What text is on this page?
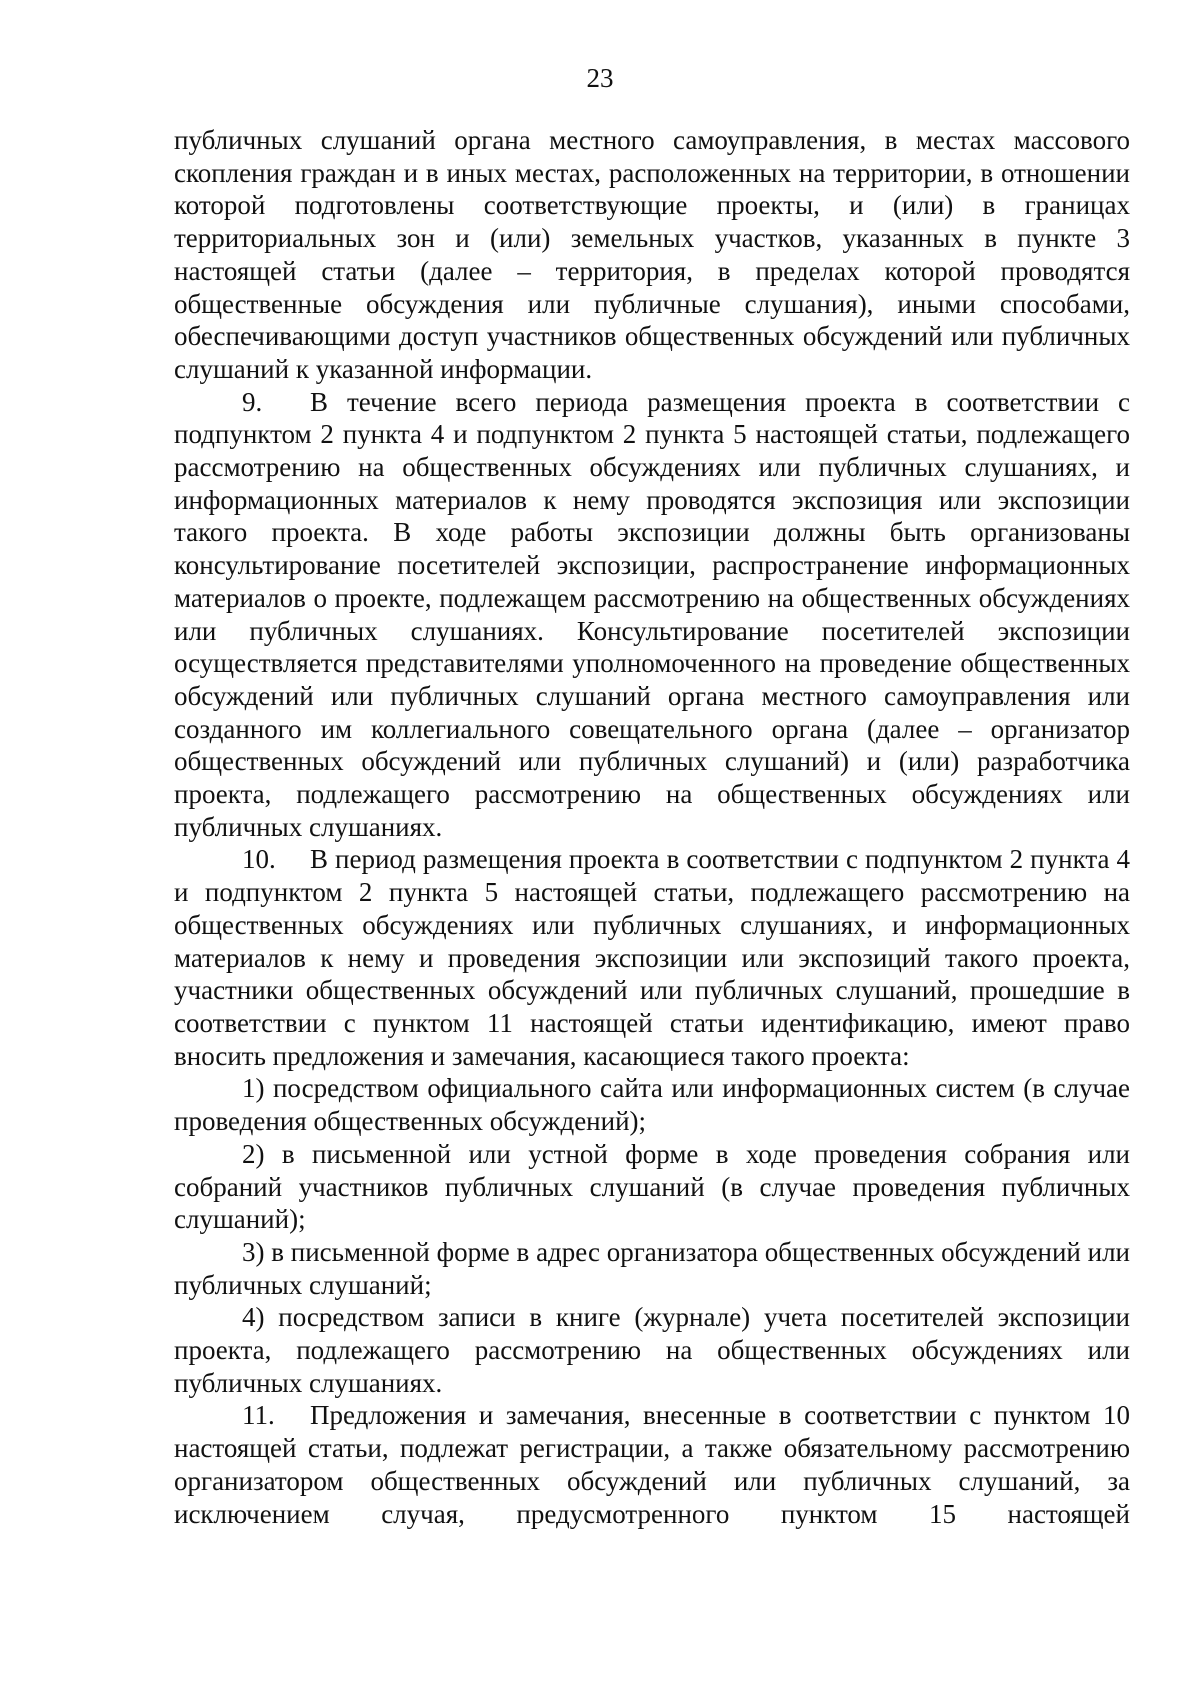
23

публичных слушаний органа местного самоуправления, в местах массового скопления граждан и в иных местах, расположенных на территории, в отношении которой подготовлены соответствующие проекты, и (или) в границах территориальных зон и (или) земельных участков, указанных в пункте 3 настоящей статьи (далее – территория, в пределах которой проводятся общественные обсуждения или публичные слушания), иными способами, обеспечивающими доступ участников общественных обсуждений или публичных слушаний к указанной информации.

9. В течение всего периода размещения проекта в соответствии с подпунктом 2 пункта 4 и подпунктом 2 пункта 5 настоящей статьи, подлежащего рассмотрению на общественных обсуждениях или публичных слушаниях, и информационных материалов к нему проводятся экспозиция или экспозиции такого проекта. В ходе работы экспозиции должны быть организованы консультирование посетителей экспозиции, распространение информационных материалов о проекте, подлежащем рассмотрению на общественных обсуждениях или публичных слушаниях. Консультирование посетителей экспозиции осуществляется представителями уполномоченного на проведение общественных обсуждений или публичных слушаний органа местного самоуправления или созданного им коллегиального совещательного органа (далее – организатор общественных обсуждений или публичных слушаний) и (или) разработчика проекта, подлежащего рассмотрению на общественных обсуждениях или публичных слушаниях.

10. В период размещения проекта в соответствии с подпунктом 2 пункта 4 и подпунктом 2 пункта 5 настоящей статьи, подлежащего рассмотрению на общественных обсуждениях или публичных слушаниях, и информационных материалов к нему и проведения экспозиции или экспозиций такого проекта, участники общественных обсуждений или публичных слушаний, прошедшие в соответствии с пунктом 11 настоящей статьи идентификацию, имеют право вносить предложения и замечания, касающиеся такого проекта:

1) посредством официального сайта или информационных систем (в случае проведения общественных обсуждений);

2) в письменной или устной форме в ходе проведения собрания или собраний участников публичных слушаний (в случае проведения публичных слушаний);

3) в письменной форме в адрес организатора общественных обсуждений или публичных слушаний;

4) посредством записи в книге (журнале) учета посетителей экспозиции проекта, подлежащего рассмотрению на общественных обсуждениях или публичных слушаниях.

11. Предложения и замечания, внесенные в соответствии с пунктом 10 настоящей статьи, подлежат регистрации, а также обязательному рассмотрению организатором общественных обсуждений или публичных слушаний, за исключением случая, предусмотренного пунктом 15 настоящей
